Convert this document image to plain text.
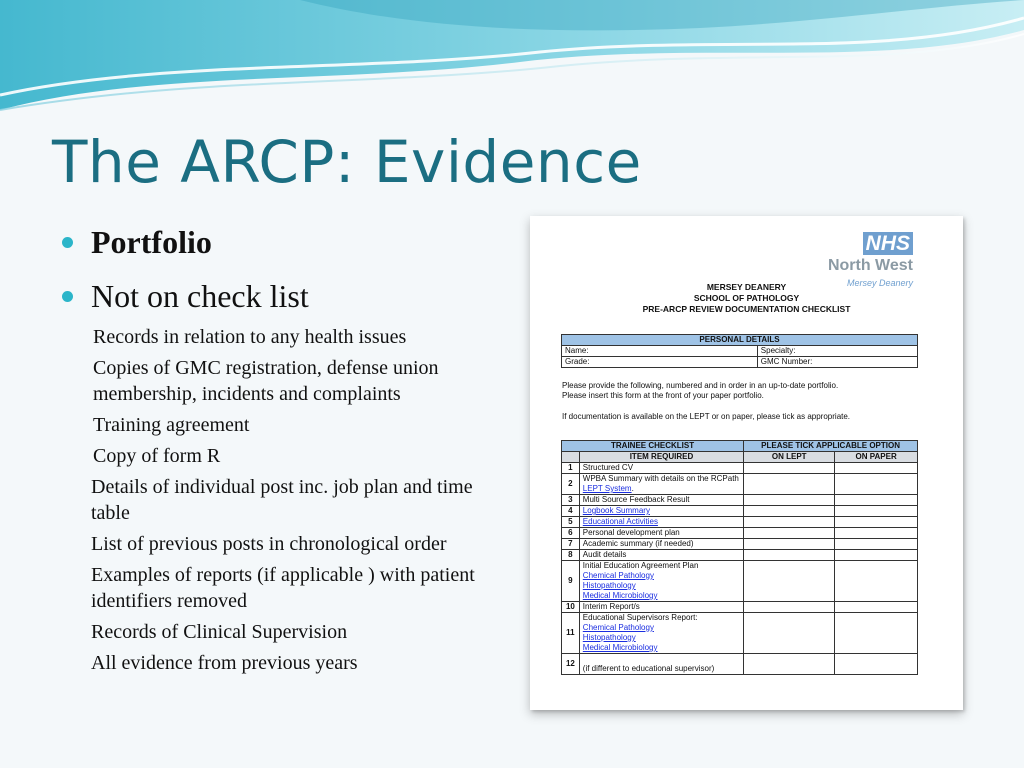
The ARCP: Evidence
Portfolio
Not on check list
Records in relation to any health issues
Copies of GMC registration, defense union membership, incidents and complaints
Training agreement
Copy of form R
Details of individual post inc. job plan and time table
List of previous posts in chronological order
Examples of reports (if applicable ) with patient identifiers removed
Records of Clinical Supervision
All evidence from previous years
NHS
North West
Mersey Deanery
MERSEY DEANERY
SCHOOL OF PATHOLOGY
PRE-ARCP REVIEW DOCUMENTATION CHECKLIST
PERSONAL DETAILS	
Name:	Specialty:
Grade:	GMC Number:
Please provide the following, numbered and in order in an up-to-date portfolio.
Please insert this form at the front of your paper portfolio.
If documentation is available on the LEPT or on paper, please tick as appropriate.
TRAINEE CHECKLIST		PLEASE TICK APPLICABLE OPTION	
	ITEM REQUIRED	ON LEPT	ON PAPER
1	Structured CV		
2	WPBA Summary with details on the RCPath LEPT System.		
3	Multi Source Feedback Result		
4	Logbook Summary		
5	Educational Activities		
6	Personal development plan		
7	Academic summary (if needed)		
8	Audit details		
9	Initial Education Agreement Plan
Chemical Pathology
Histopathology
Medical Microbiology		

10	Interim Report/s		
11	Educational Supervisors Report:
Chemical Pathology
Histopathology
Medical Microbiology		

12	(if different to educational supervisor)		
